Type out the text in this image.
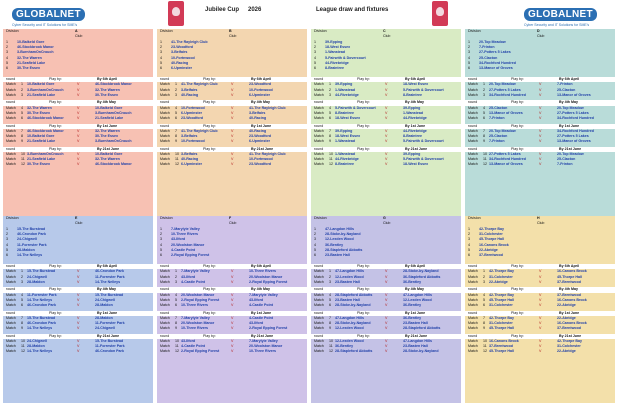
GLOBALNET
Cyber Security and IT Solutions for SME's
Jubilee Cup 2026	League draw and fixtures	GLOBALNET
Cyber Security and IT Solutions for SME's
Division	A
Club
1	10-Balkeld Gore
2	46-Stockbrook Manor
3	3-BurnhamOnCrouch
4	32-The Warren
5	21-Seafield Lake
6	30-The Essex
round	Play by:	By 6th April
Match 1 10-Balkeld Gore	V	46-Stockbrook Manor
Match 2 3-BurnhamOnCrouch	V	32-The Warren
Match 3 21-Seafield Lake	V	30-The Essex
round	Play by:	By 4th May
Match 4 32-The Warren	V	10-Balkeld Gore
Match 5 30-The Essex	V	3-BurnhamOnCrouch
Match 6 46-Stockbrook Manor	V	21-Seafield Lake
round	Play by:	By 1st June
Match 7 46-Stockbrook Manor	V	32-The Warren
Match 8 10-Balkeld Gore	V	30-The Essex
Match 9 21-Seafield Lake	V	3-BurnhamOnCrouch
round	Play by:	By 21st June
Match 10 3-BurnhamOnCrouch	V	10-Balkeld Gore
Match 11 21-Seafield Lake	V	32-The Warren
Match 12 30-The Essex	V	46-Stockbrook Manor
Division	B
Club
1	41-The Rayleigh Club
2	23-Woodford
3	3-Belfairs
4	10-Fortnwood
5	40-Racing
6	6-Upminster
round	Play by:	By 6th April
Match 1 41-The Rayleigh Club	V	23-Woodford
Match 2 3-Belfairs	V	10-Fortnwood
Match 3 40-Racing	V	6-Upminster
round	Play by:	By 4th May
Match 4 10-Fortnwood	V	41-The Rayleigh Club
Match 5 6-Upminster	V	3-Belfairs
Match 6 23-Woodford	V	40-Racing
round	Play by:	By 1st June
Match 7 41-The Rayleigh Club	V	40-Racing
Match 8 3-Belfairs	V	23-Woodford
Match 9 10-Fortnwood	V	6-Upminster
round	Play by:	By 21st June
Match 10 3-Belfairs	V	41-The Rayleigh Club
Match 11 40-Racing	V	10-Fortnwood
Match 12 6-Upminster	V	23-Woodford
Division	C
Club
1	39-Epping
2	18-West Essex
3	1-Wanstead
4	5-Fairwith & Dovercourt
5	44-Rivebridge
6	8-Braintree
round	Play by:	By 6th April
Match 1 39-Epping	V	18-West Essex
Match 2 1-Wanstead	V	5-Fairwith & Dovercourt
Match 3 44-Rivebridge	V	8-Braintree
round	Play by:	By 4th May
Match 4 5-Fairwith & Dovercourt	V	39-Epping
Match 5 8-Braintree	V	1-Wanstead
Match 6 18-West Essex	V	44-Rivebridge
round	Play by:	By 1st June
Match 7 39-Epping	V	44-Rivebridge
Match 8 18-West Essex	V	8-Braintree
Match 9 1-Wanstead	V	5-Fairwith & Dovercourt
round	Play by:	By 21st June
Match 10 1-Wanstead	V	39-Epping
Match 11 44-Rivebridge	V	5-Fairwith & Dovercourt
Match 12 8-Braintree	V	18-West Essex
Division	D
Club
1	20-Top Meadow
2	7-Frinton
3	27-Potters 5 Lakes
4	25-Clacton
5	34-Rochford Hundred
6	13-Manor of Groves
round	Play by:	By 6th April
Match 1 20-Top Meadow	V	7-Frinton
Match 2 27-Potters 5 Lakes	V	25-Clacton
Match 3 34-Rochford Hundred	V	13-Manor of Groves
round	Play by:	By 4th May
Match 4 25-Clacton	V	20-Top Meadow
Match 5 13-Manor of Groves	V	27-Potters 5 Lakes
Match 6 7-Frinton	V	34-Rochford Hundred
round	Play by:	By 1st June
Match 7 20-Top Meadow	V	34-Rochford Hundred
Match 8 25-Clacton	V	27-Potters 5 Lakes
Match 9 7-Frinton	V	13-Manor of Groves
round	Play by:	By 21st June
Match 10 27-Potters 5 Lakes	V	20-Top Meadow
Match 11 34-Rochford Hundred	V	25-Clacton
Match 12 13-Manor of Groves	V	7-Frinton
Division	E
Club
1	15-The Burstead
2	46-Crondon Park
3	24-Chigwell
4	11-Forrester Park
5	28-Maldon
6	14-The Nelleys
round	Play by:	By 6th April
Match 1 15-The Burstead	V	46-Crondon Park
Match 2 24-Chigwell	V	11-Forrester Park
Match 3 28-Maldon	V	14-The Nelleys
round	Play by:	By 4th May
Match 4 11-Forrester Park	V	15-The Burstead
Match 5 14-The Nelleys	V	24-Chigwell
Match 6 46-Crondon Park	V	28-Maldon
round	Play by:	By 1st June
Match 7 15-The Burstead	V	28-Maldon
Match 8 46-Crondon Park	V	11-Forrester Park
Match 9 14-The Nelleys	V	24-Chigwell
round	Play by:	By 21st June
Match 10 24-Chigwell	V	15-The Burstead
Match 11 28-Maldon	V	11-Forrester Park
Match 12 14-The Nelleys	V	46-Crondon Park
Division	F
Club
1	7-Marylyie Valley
2	10-Three Rivers
3	43-Ilford
4	20-Woolston Manor
5	4-Castle Point
6	2-Royal Epping Forest
round	Play by:	By 6th April
Match 1 7-Marylyie Valley	V	10-Three Rivers
Match 2 43-Ilford	V	20-Woolston Manor
Match 3 4-Castle Point	V	2-Royal Epping Forest
round	Play by:	By 4th May
Match 4 20-Woolston Manor	V	7-Marylyie Valley
Match 5 2-Royal Epping Forest	V	43-Ilford
Match 6 10-Three Rivers	V	4-Castle Point
round	Play by:	By 1st June
Match 7 7-Marylyie Valley	V	4-Castle Point
Match 8 20-Woolston Manor	V	43-Ilford
Match 9 10-Three Rivers	V	2-Royal Epping Forest
round	Play by:	By 21st June
Match 10 43-Ilford	V	7-Marylyie Valley
Match 11 4-Castle Point	V	20-Woolston Manor
Match 12 2-Royal Epping Forest	V	10-Three Rivers
Division	G
Club
1	47-Langdon Hills
2	28-Stoke-by-Nayland
3	12-Lexden Wood
4	36-Bentley
5	28-Stapleford Abbotts
6	23-Basten Hall
round	Play by:	By 6th April
Match 1 47-Langdon Hills	V	28-Stoke-by-Nayland
Match 2 12-Lexden Wood	V	36-Stapleford Abbotts
Match 3 23-Basten Hall	V	36-Bentley
round	Play by:	By 4th May
Match 4 28-Stapleford Abbotts	V	47-Langdon Hills
Match 5 23-Basten Hall	V	12-Lexden Wood
Match 6 28-Stoke-by-Nayland	V	36-Bentley
round	Play by:	By 1st June
Match 7 47-Langdon Hills	V	36-Bentley
Match 8 28-Stoke-by-Nayland	V	23-Basten Hall
Match 9 12-Lexden Wood	V	28-Stapleford Abbotts
round	Play by:	By 21st June
Match 10 12-Lexden Wood	V	47-Langdon Hills
Match 11 36-Bentley	V	23-Basten Hall
Match 12 28-Stapleford Abbotts	V	28-Stoke-by-Nayland
Division	H
Club
1	42-Thorpe Bay
2	31-Colchester
3	45-Thorpe Hall
4	16-Canons Brook
5	22-Abridge
6	37-Brentwood
round	Play by:	By 6th April
Match 1 42-Thorpe Bay	V	16-Canons Brook
Match 2 31-Colchester	V	45-Thorpe Hall
Match 3 22-Abridge	V	37-Brentwood
round	Play by:	By 4th May
Match 4 42-Thorpe Bay	V	37-Brentwood
Match 5 45-Thorpe Hall	V	16-Canons Brook
Match 6 31-Colchester	V	22-Abridge
round	Play by:	By 1st June
Match 7 42-Thorpe Bay	V	22-Abridge
Match 8 31-Colchester	V	16-Canons Brook
Match 9 45-Thorpe Hall	V	37-Brentwood
round	Play by:	By 21st June
Match 10 16-Canons Brook	V	42-Thorpe Bay
Match 11 37-Brentwood	V	31-Colchester
Match 12 45-Thorpe Hall	V	22-Abridge
